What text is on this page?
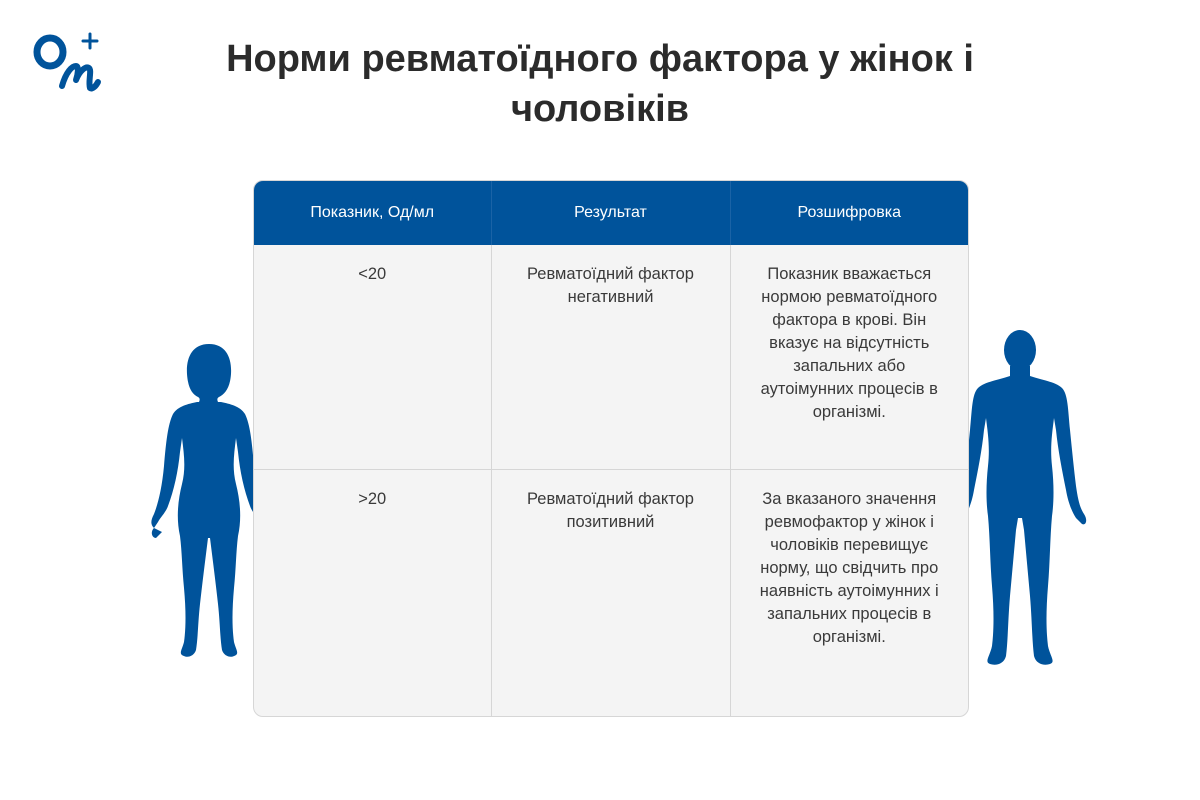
Норми ревматоїдного фактора у жінок і чоловіків
Показник, Од/мл	Результат	Розшифровка
<20	Ревматоїдний фактор негативний	Показник вважається нормою ревматоїдного фактора в крові. Він вказує на відсутність запальних або аутоімунних процесів в організмі.
>20	Ревматоїдний фактор позитивний	За вказаного значення ревмофактор у жінок і чоловіків перевищує норму, що свідчить про наявність аутоімунних і запальних процесів в організмі.
